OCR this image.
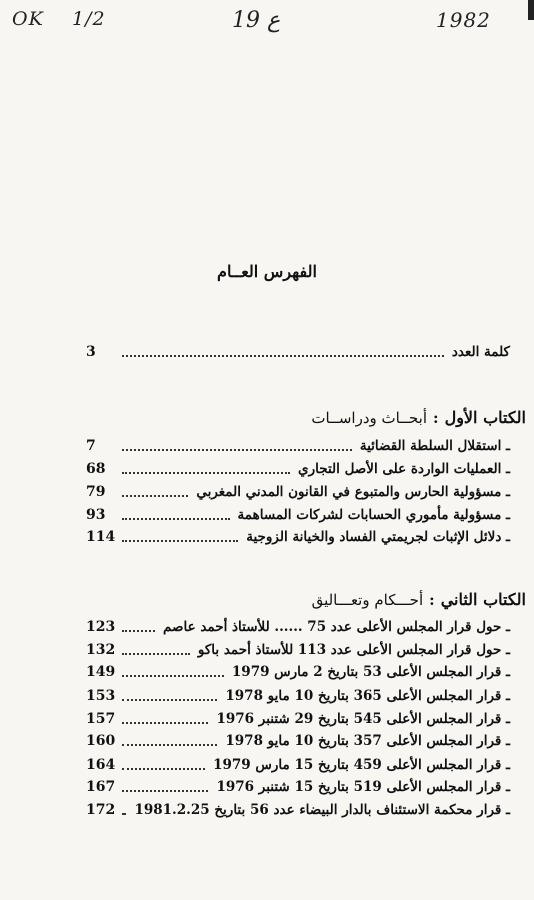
OK 1/2	19 ع	1982
الفهرس العــام
كلمة العدد
3
الكتاب الأول:أبحــاث ودراســات
ـ استقلال السلطة القضائية
7
ـ العمليات الواردة على الأصل التجاري
68
ـ مسؤولية الحارس والمتبوع في القانون المدني المغربي
79
ـ مسؤولية مأموري الحسابات لشركات المساهمة
93
ـ دلائل الإثبات لجريمتي الفساد والخيانة الزوجية
114
الكتاب الثاني:أحـــكام وتعـــاليق
ـ حول قرار المجلس الأعلى عدد 75 ...... للأستاذ أحمد عاصم
123
ـ حول قرار المجلس الأعلى عدد 113 للأستاذ أحمد باكو
132
ـ قرار المجلس الأعلى 53 بتاريخ 2 مارس 1979
149
ـ قرار المجلس الأعلى 365 بتاريخ 10 مايو 1978
153
ـ قرار المجلس الأعلى 545 بتاريخ 29 شتنبر 1976
157
ـ قرار المجلس الأعلى 357 بتاريخ 10 مايو 1978
160
ـ قرار المجلس الأعلى 459 بتاريخ 15 مارس 1979
164
ـ قرار المجلس الأعلى 519 بتاريخ 15 شتنبر 1976
167
ـ قرار محكمة الاستئناف بالدار البيضاء عدد 56 بتاريخ 1981.2.25
172
